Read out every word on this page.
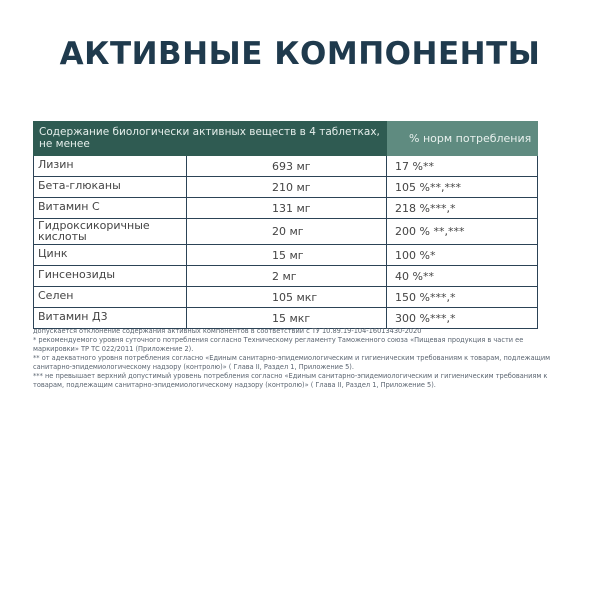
АКТИВНЫЕ КОМПОНЕНТЫ
Содержание биологически активных веществ в 4 таблетках, не менее	% норм потребления
Лизин	693 мг	17 %**
Бета-глюканы	210 мг	105 %**,***
Витамин С	131 мг	218 %***,*
Гидроксикоричные кислоты	20 мг	200 % **,***
Цинк	15 мг	100 %*
Гинсенозиды	2 мг	40 %**
Селен	105 мкг	150 %***,*
Витамин Д3	15 мкг	300 %***,*

допускается отклонение содержания активных компонентов в соответствии с ТУ 10.89.19-104-16013430-2020

* рекомендуемого уровня суточного потребления согласно Техническому регламенту Таможенного союза «Пищевая продукция в части ее маркировки» ТР ТС 022/2011 (Приложение 2).

** от адекватного уровня потребления согласно «Единым санитарно-эпидемиологическим и гигиеническим требованиям к товарам, подлежащим санитарно-эпидемиологическому надзору (контролю)» ( Глава II, Раздел 1, Приложение 5).

*** не превышает верхний допустимый уровень потребления согласно «Единым санитарно-эпидемиологическим и гигиеническим требованиям к товарам, подлежащим санитарно-эпидемиологическому надзору (контролю)» ( Глава II, Раздел 1, Приложение 5).
